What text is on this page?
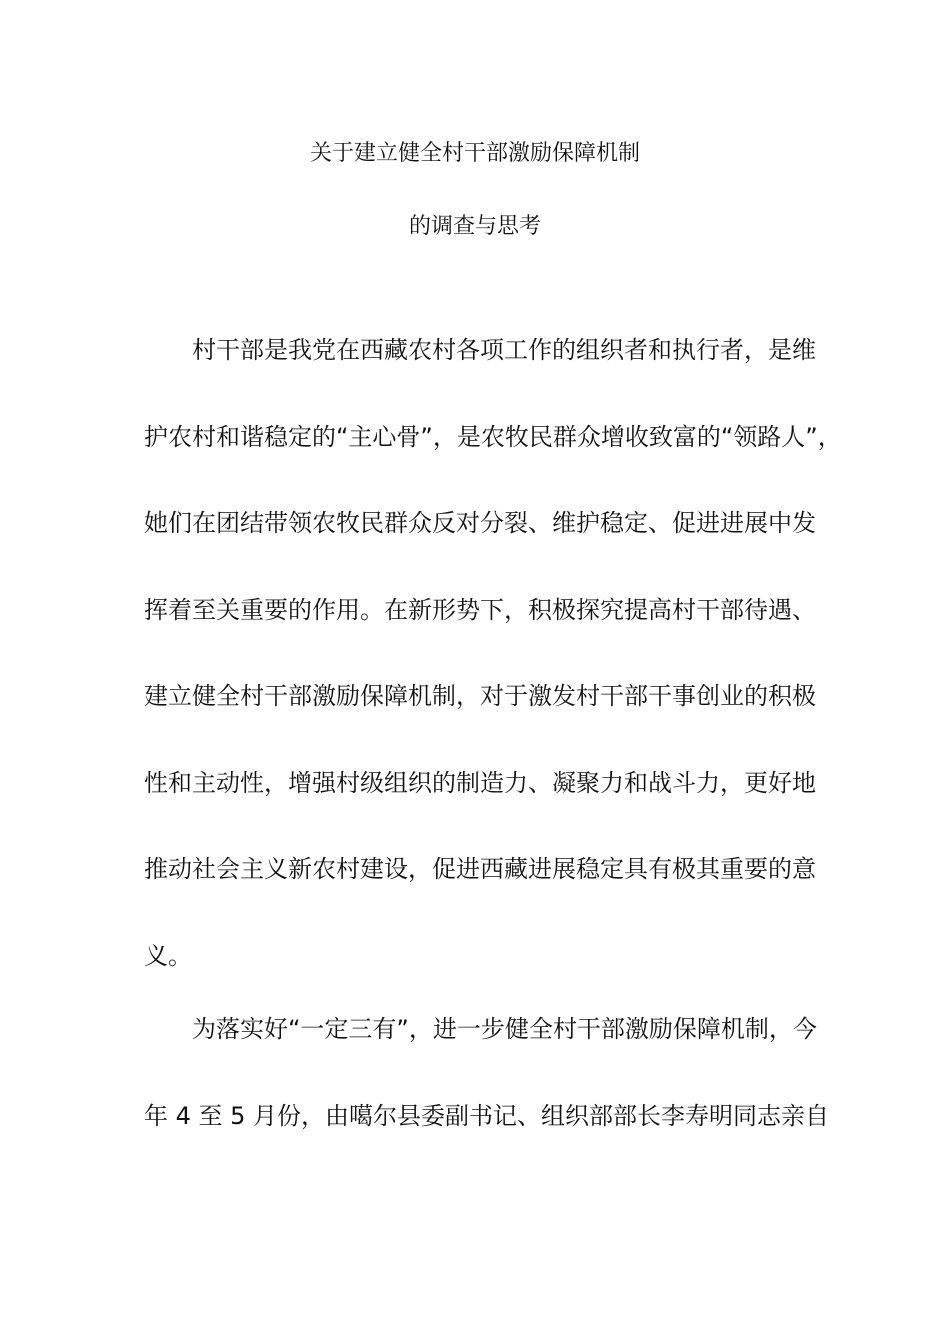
关于建立健全村干部激励保障机制
的调查与思考
村干部是我党在西藏农村各项工作的组织者和执行者，是维
护农村和谐稳定的“主心骨”，是农牧民群众增收致富的“领路人”，
她们在团结带领农牧民群众反对分裂、维护稳定、促进进展中发
挥着至关重要的作用。在新形势下，积极探究提高村干部待遇、
建立健全村干部激励保障机制，对于激发村干部干事创业的积极
性和主动性，增强村级组织的制造力、凝聚力和战斗力，更好地
推动社会主义新农村建设，促进西藏进展稳定具有极其重要的意
义。
为落实好“一定三有”，进一步健全村干部激励保障机制，今
年 4 至 5 月份，由噶尔县委副书记、组织部部长李寿明同志亲自
